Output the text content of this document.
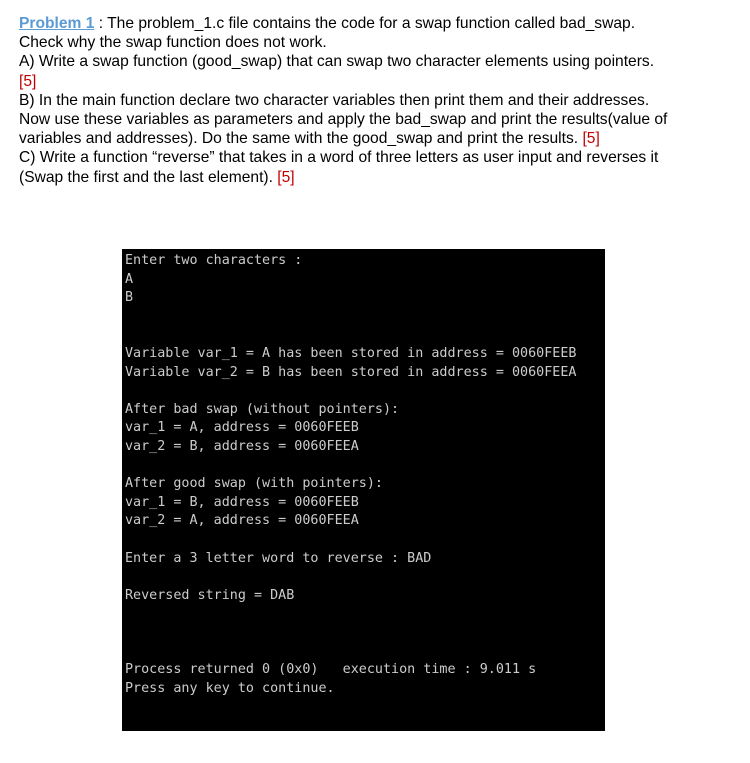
Problem 1 : The problem_1.c file contains the code for a swap function called bad_swap.
Check why the swap function does not work.
A) Write a swap function (good_swap) that can swap two character elements using pointers.
[5]
B) In the main function declare two character variables then print them and their addresses.
Now use these variables as parameters and apply the bad_swap and print the results(value of
variables and addresses). Do the same with the good_swap and print the results. [5]
C) Write a function “reverse” that takes in a word of three letters as user input and reverses it
(Swap the first and the last element). [5]
Enter two characters :
A
B
Variable var_1 = A has been stored in address = 0060FEEB
Variable var_2 = B has been stored in address = 0060FEEA
After bad swap (without pointers):
var_1 = A, address = 0060FEEB
var_2 = B, address = 0060FEEA
After good swap (with pointers):
var_1 = B, address = 0060FEEB
var_2 = A, address = 0060FEEA
Enter a 3 letter word to reverse : BAD
Reversed string = DAB
Process returned 0 (0x0)   execution time : 9.011 s
Press any key to continue.
